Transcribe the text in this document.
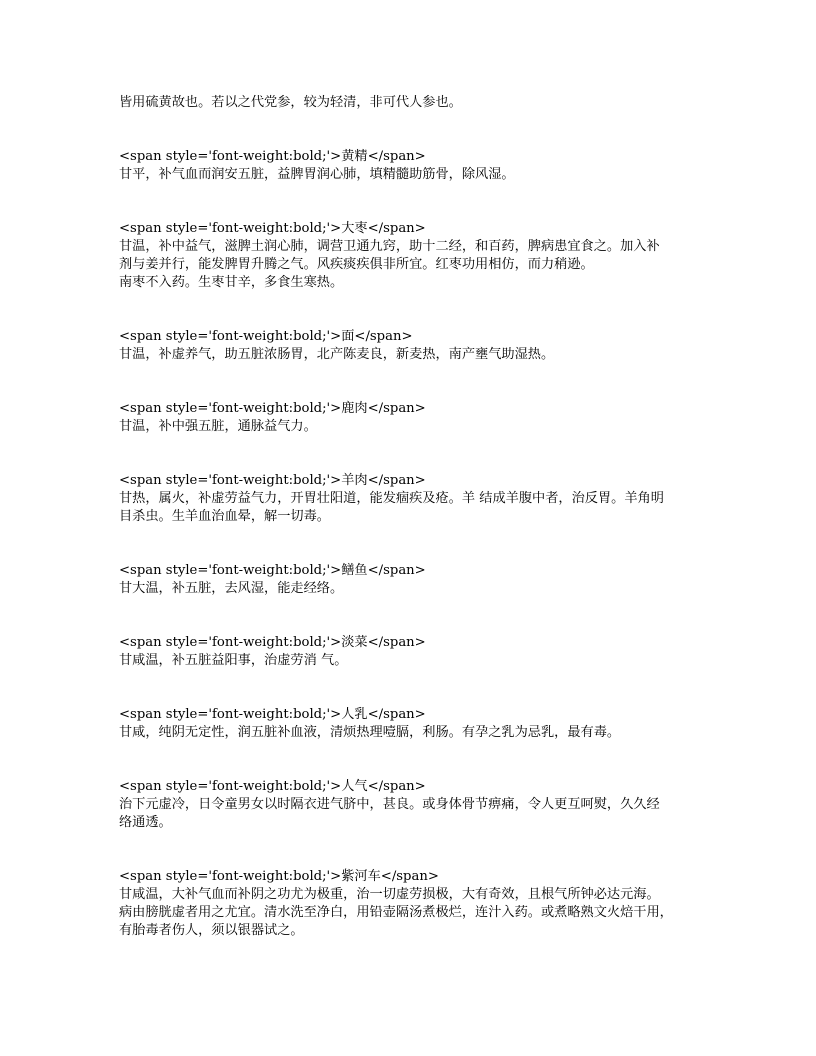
皆用硫黄故也。若以之代党参，较为轻清，非可代人参也。
<span style='font-weight:bold;'>黄精</span>
甘平，补气血而润安五脏，益脾胃润心肺，填精髓助筋骨，除风湿。
<span style='font-weight:bold;'>大枣</span>
甘温，补中益气，滋脾土润心肺，调营卫通九窍，助十二经，和百药，脾病患宜食之。加入补
剂与姜并行，能发脾胃升腾之气。风疾痰疾俱非所宜。红枣功用相仿，而力稍逊。
南枣不入药。生枣甘辛，多食生寒热。
<span style='font-weight:bold;'>面</span>
甘温，补虚养气，助五脏浓肠胃，北产陈麦良，新麦热，南产壅气助湿热。
<span style='font-weight:bold;'>鹿肉</span>
甘温，补中强五脏，通脉益气力。
<span style='font-weight:bold;'>羊肉</span>
甘热，属火，补虚劳益气力，开胃壮阳道，能发痼疾及疮。羊 结成羊腹中者，治反胃。羊角明
目杀虫。生羊血治血晕，解一切毒。
<span style='font-weight:bold;'>鳝鱼</span>
甘大温，补五脏，去风湿，能走经络。
<span style='font-weight:bold;'>淡菜</span>
甘咸温，补五脏益阳事，治虚劳消 气。
<span style='font-weight:bold;'>人乳</span>
甘咸，纯阴无定性，润五脏补血液，清烦热理噎膈，利肠。有孕之乳为忌乳，最有毒。
<span style='font-weight:bold;'>人气</span>
治下元虚冷，日令童男女以时隔衣进气脐中，甚良。或身体骨节痹痛，令人更互呵熨，久久经
络通透。
<span style='font-weight:bold;'>紫河车</span>
甘咸温，大补气血而补阴之功尤为极重，治一切虚劳损极，大有奇效，且根气所钟必达元海。
病由膀胱虚者用之尤宜。清水洗至净白，用铅壶隔汤煮极烂，连汁入药。或煮略熟文火焙干用，
有胎毒者伤人，须以银器试之。
